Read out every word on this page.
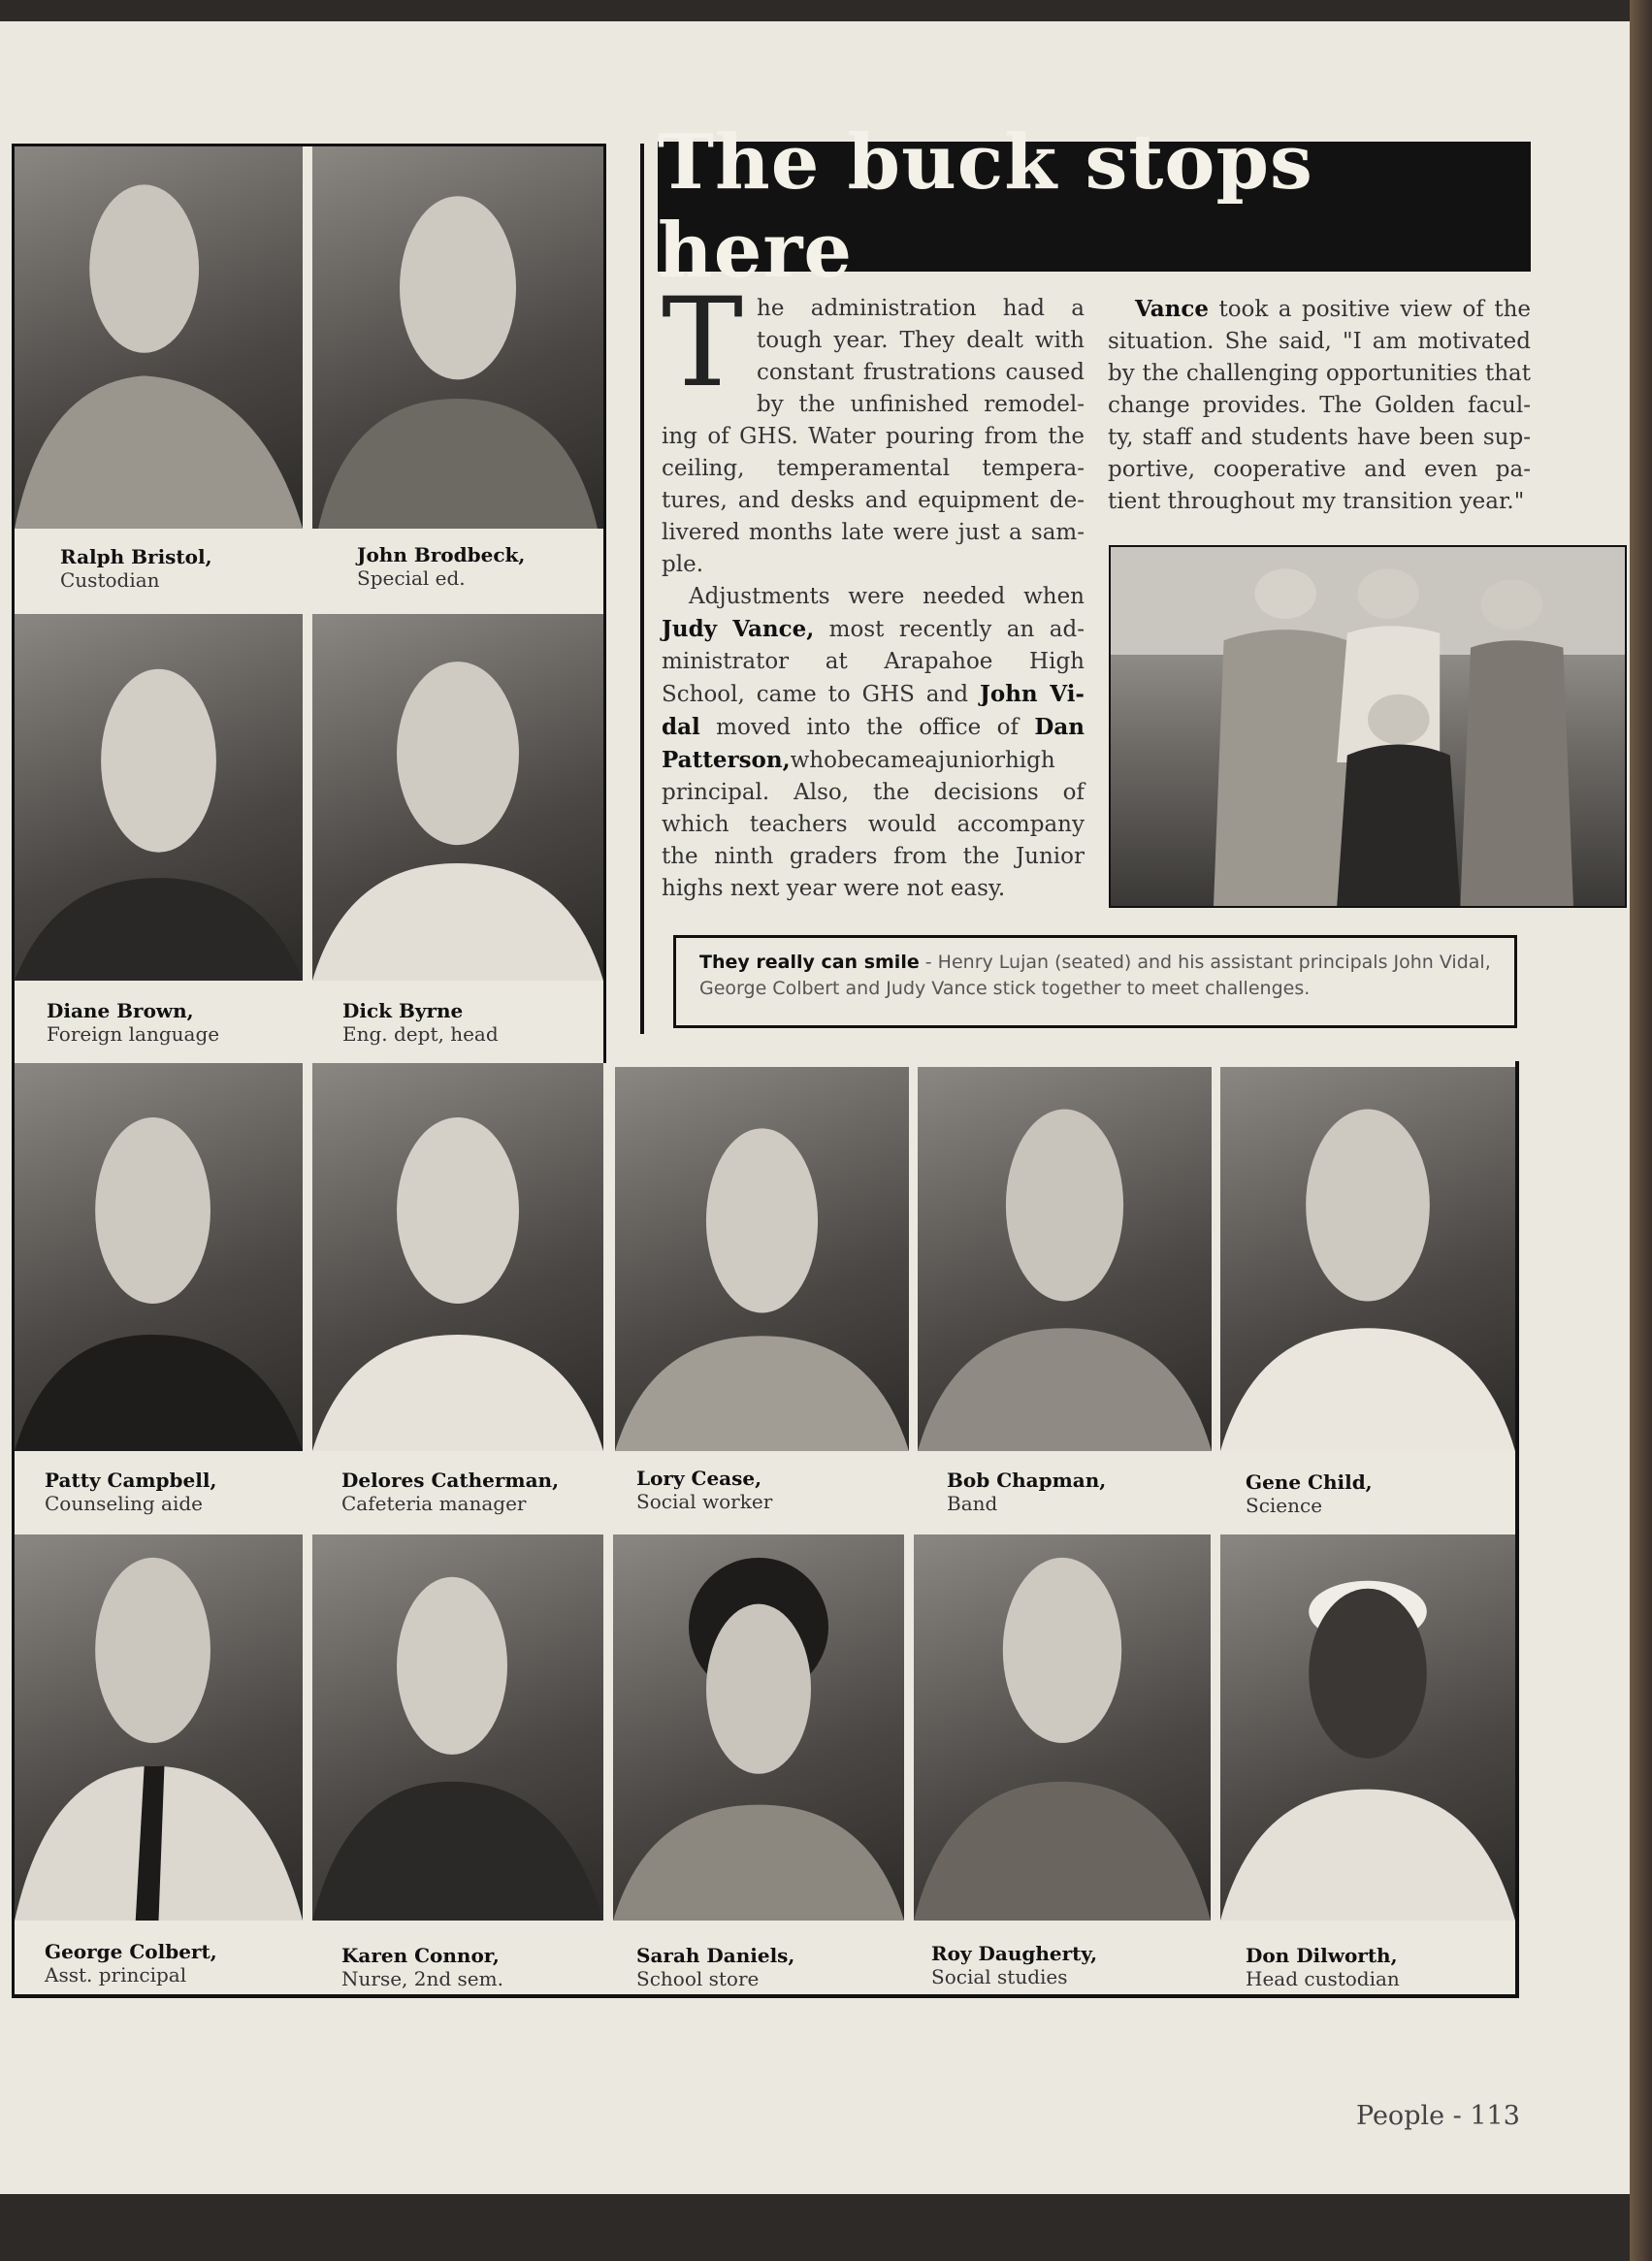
Ralph Bristol,
Custodian
John Brodbeck,
Special ed.
Diane Brown,
Foreign language
Dick Byrne
Eng. dept, head
Patty Campbell,
Counseling aide
Delores Catherman,
Cafeteria manager
Lory Cease,
Social worker
Bob Chapman,
Band
Gene Child,
Science
George Colbert,
Asst. principal
Karen Connor,
Nurse, 2nd sem.
Sarah Daniels,
School store
Roy Daugherty,
Social studies
Don Dilworth,
Head custodian
The buck stops here

The administration had a tough year. They dealt with constant frustrations caused by the unfinished remodel-ing of GHS. Water pouring from the ceiling, temperamental tempera-tures, and desks and equipment de-livered months late were just a sam-ple.

Adjustments were needed when Judy Vance, most recently an ad-ministrator at Arapahoe High School, came to GHS and John Vi-dal moved into the office of Dan Patterson,whobecameajuniorhigh principal. Also, the decisions of which teachers would accompany the ninth graders from the Junior highs next year were not easy.

Vance took a positive view of the situation. She said, "I am motivated by the challenging opportunities that change provides. The Golden facul-ty, staff and students have been sup-portive, cooperative and even pa-tient throughout my transition year."

They really can smile - Henry Lujan (seated) and his assistant principals John Vidal, George Colbert and Judy Vance stick together to meet challenges.
People - 113
